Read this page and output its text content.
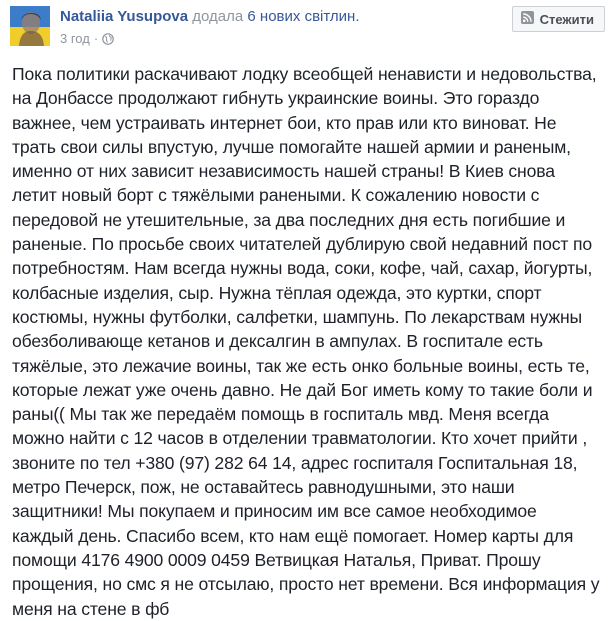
Nataliia Yusupova додала 6 нових світлин.
3 год ·
Стежити
Пока политики раскачивают лодку всеобщей ненависти и недовольства,
на Донбассе продолжают гибнуть украинские воины. Это гораздо
важнее, чем устраивать интернет бои, кто прав или кто виноват. Не
трать свои силы впустую, лучше помогайте нашей армии и раненым,
именно от них зависит независимость нашей страны! В Киев снова
летит новый борт с тяжёлыми ранеными. К сожалению новости с
передовой не утешительные, за два последних дня есть погибшие и
раненые. По просьбе своих читателей дублирую свой недавний пост по
потребностям. Нам всегда нужны вода, соки, кофе, чай, сахар, йогурты,
колбасные изделия, сыр. Нужна тёплая одежда, это куртки, спорт
костюмы, нужны футболки, салфетки, шампунь. По лекарствам нужны
обезболивающе кетанов и дексалгин в ампулах. В госпитале есть
тяжёлые, это лежачие воины, так же есть онко больные воины, есть те,
которые лежат уже очень давно. Не дай Бог иметь кому то такие боли и
раны(( Мы так же передаём помощь в госпиталь мвд. Меня всегда
можно найти с 12 часов в отделении травматологии. Кто хочет прийти ,
звоните по тел +380 (97) 282 64 14, адрес госпиталя Госпитальная 18,
метро Печерск, пож, не оставайтесь равнодушными, это наши
защитники! Мы покупаем и приносим им все самое необходимое
каждый день. Спасибо всем, кто нам ещё помогает. Номер карты для
помощи 4176 4900 0009 0459 Ветвицкая Наталья, Приват. Прошу
прощения, но смс я не отсылаю, просто нет времени. Вся информация у
меня на стене в фб
